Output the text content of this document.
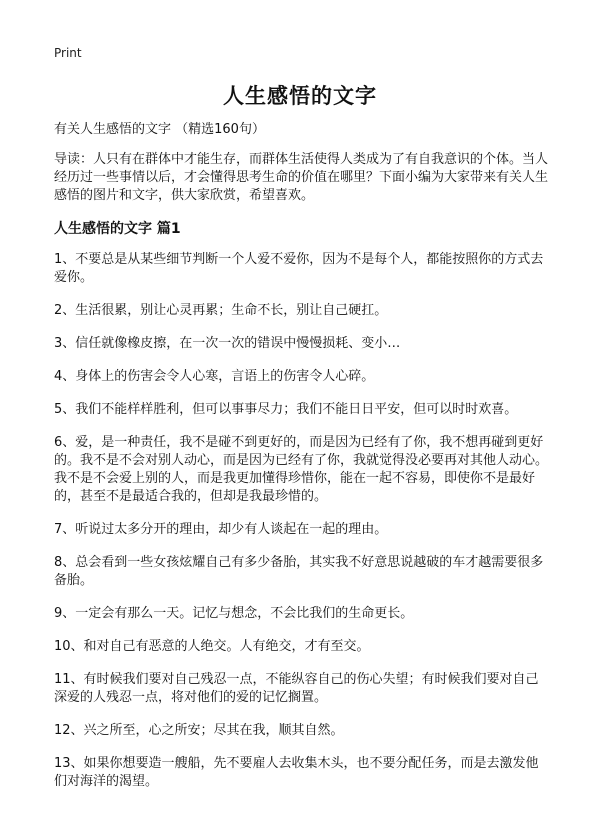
Print
人生感悟的文字

有关人生感悟的文字 （精选160句）

导读：人只有在群体中才能生存，而群体生活使得人类成为了有自我意识的个体。当人经历过一些事情以后，才会懂得思考生命的价值在哪里？下面小编为大家带来有关人生感悟的图片和文字，供大家欣赏，希望喜欢。

人生感悟的文字 篇1

1、不要总是从某些细节判断一个人爱不爱你，因为不是每个人，都能按照你的方式去爱你。

2、生活很累，别让心灵再累；生命不长，别让自己硬扛。

3、信任就像橡皮擦，在一次一次的错误中慢慢损耗、变小…

4、身体上的伤害会令人心寒，言语上的伤害令人心碎。

5、我们不能样样胜利，但可以事事尽力；我们不能日日平安，但可以时时欢喜。

6、爱，是一种责任，我不是碰不到更好的，而是因为已经有了你，我不想再碰到更好的。我不是不会对别人动心，而是因为已经有了你，我就觉得没必要再对其他人动心。我不是不会爱上别的人，而是我更加懂得珍惜你，能在一起不容易，即使你不是最好的，甚至不是最适合我的，但却是我最珍惜的。

7、听说过太多分开的理由，却少有人谈起在一起的理由。

8、总会看到一些女孩炫耀自己有多少备胎，其实我不好意思说越破的车才越需要很多备胎。

9、一定会有那么一天。记忆与想念，不会比我们的生命更长。

10、和对自己有恶意的人绝交。人有绝交，才有至交。

11、有时候我们要对自己残忍一点，不能纵容自己的伤心失望；有时候我们要对自己深爱的人残忍一点，将对他们的爱的记忆搁置。

12、兴之所至，心之所安；尽其在我，顺其自然。

13、如果你想要造一艘船，先不要雇人去收集木头，也不要分配任务，而是去激发他们对海洋的渴望。
